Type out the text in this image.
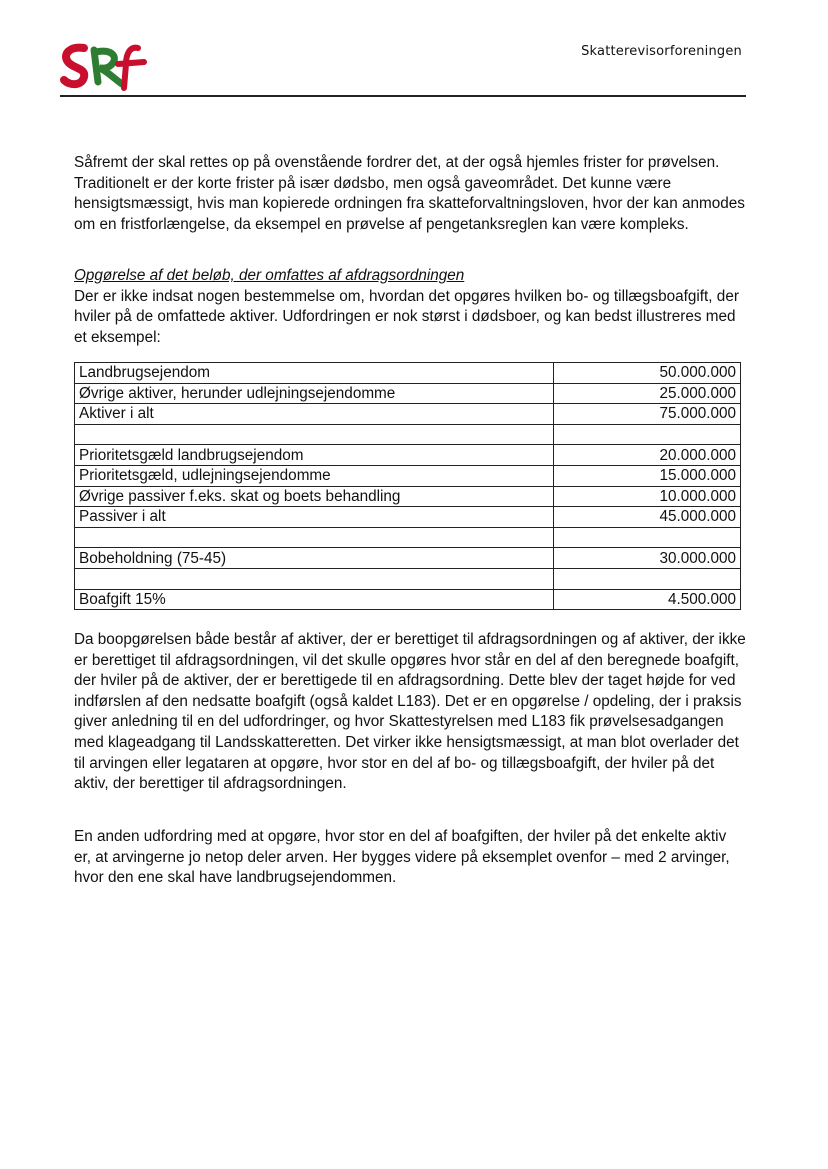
Skatterevisorforeningen

Såfremt der skal rettes op på ovenstående fordrer det, at der også hjemles frister for prøvelsen. Traditionelt er der korte frister på især dødsbo, men også gaveområdet. Det kunne være hensigtsmæssigt, hvis man kopierede ordningen fra skatteforvaltningsloven, hvor der kan anmodes om en fristforlængelse, da eksempel en prøvelse af pengetanksreglen kan være kompleks.

Opgørelse af det beløb, der omfattes af afdragsordningen

Der er ikke indsat nogen bestemmelse om, hvordan det opgøres hvilken bo- og tillægsboafgift, der hviler på de omfattede aktiver. Udfordringen er nok størst i dødsboer, og kan bedst illustreres med et eksempel:

Landbrugsejendom	50.000.000
Øvrige aktiver, herunder udlejningsejendomme	25.000.000
Aktiver i alt	75.000.000

Prioritetsgæld landbrugsejendom	20.000.000
Prioritetsgæld, udlejningsejendomme	15.000.000
Øvrige passiver f.eks. skat og boets behandling	10.000.000
Passiver i alt	45.000.000

Bobeholdning (75-45)	30.000.000

Boafgift 15%	4.500.000

Da boopgørelsen både består af aktiver, der er berettiget til afdragsordningen og af aktiver, der ikke er berettiget til afdragsordningen, vil det skulle opgøres hvor står en del af den beregnede boafgift, der hviler på de aktiver, der er berettigede til en afdragsordning. Dette blev der taget højde for ved indførslen af den nedsatte boafgift (også kaldet L183). Det er en opgørelse / opdeling, der i praksis giver anledning til en del udfordringer, og hvor Skattestyrelsen med L183 fik prøvelsesadgangen med klageadgang til Landsskatteretten. Det virker ikke hensigtsmæssigt, at man blot overlader det til arvingen eller legataren at opgøre, hvor stor en del af bo- og tillægsboafgift, der hviler på det aktiv, der berettiger til afdragsordningen.

En anden udfordring med at opgøre, hvor stor en del af boafgiften, der hviler på det enkelte aktiv er, at arvingerne jo netop deler arven. Her bygges videre på eksemplet ovenfor – med 2 arvinger, hvor den ene skal have landbrugsejendommen.
